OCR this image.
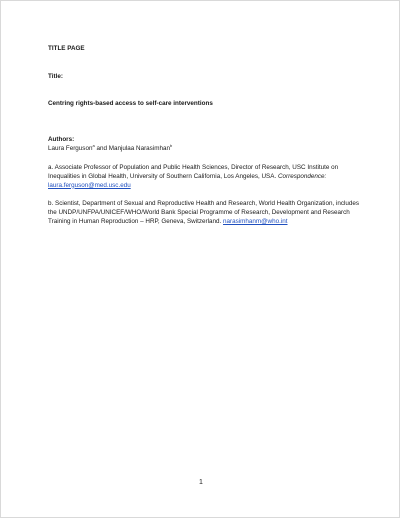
TITLE PAGE

Title:

Centring rights-based access to self-care interventions

Authors:

Laura Ferguson$^a$ and Manjulaa Narasimhan$^b$

a. Associate Professor of Population and Public Health Sciences, Director of Research, USC Institute on Inequalities in Global Health, University of Southern California, Los Angeles, USA. Correspondence: laura.ferguson@med.usc.edu

b. Scientist, Department of Sexual and Reproductive Health and Research, World Health Organization, includes the UNDP/UNFPA/UNICEF/WHO/World Bank Special Programme of Research, Development and Research Training in Human Reproduction – HRP, Geneva, Switzerland. narasimhanm@who.int

1
